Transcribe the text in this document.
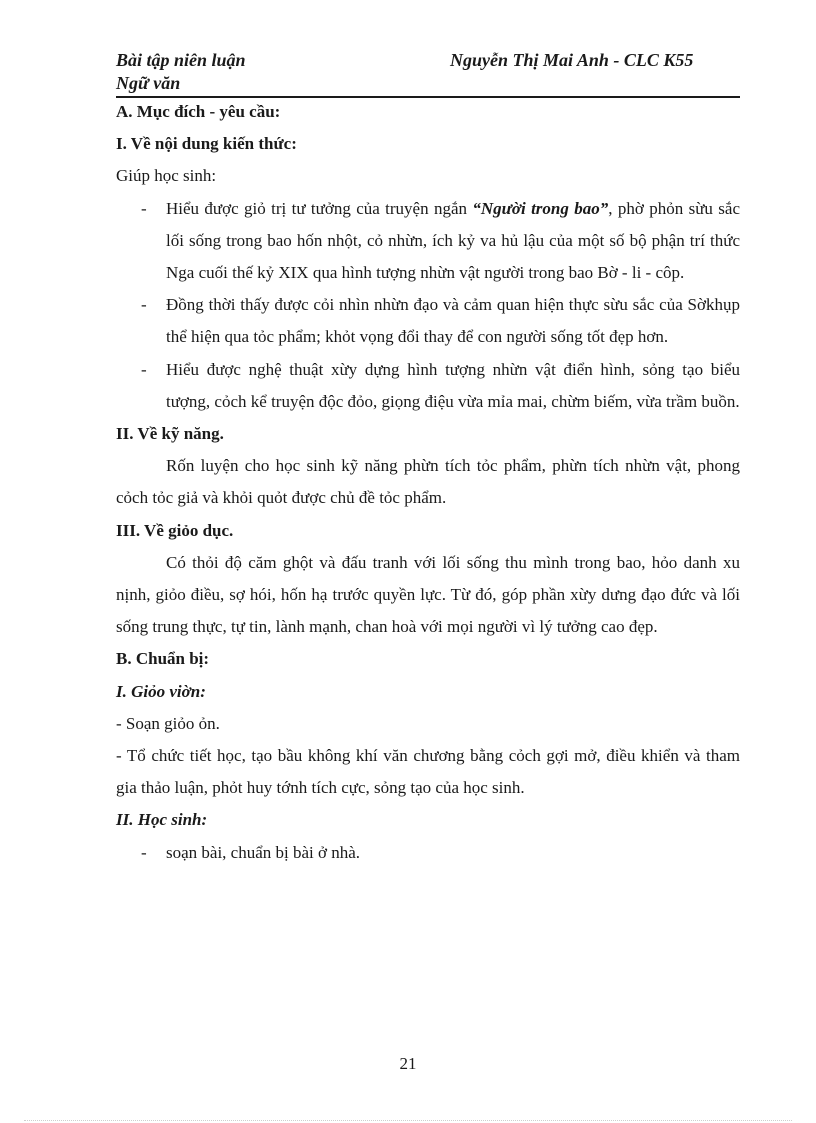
Bài tập niên luận
Ngữ văn
Nguyễn Thị Mai Anh - CLC K55

A. Mục đích - yêu cầu:

I. Về nội dung kiến thức:

Giúp học sinh:

- Hiểu được giỏ trị tư tưởng của truyện ngắn “Người trong bao”, phờ phỏn sừu sắc lối sống trong bao hốn nhột, cỏ nhừn, ích kỷ va hủ lậu của một số bộ phận trí thức Nga cuối thế kỷ XIX qua hình tượng nhừn vật người trong bao Bờ - li - côp.

- Đồng thời thấy được cỏi nhìn nhừn đạo và cảm quan hiện thực sừu sắc của Sờkhụp thể hiện qua tỏc phẩm; khỏt vọng đổi thay để con người sống tốt đẹp hơn.

- Hiểu được nghệ thuật xừy dựng hình tượng nhừn vật điển hình, sỏng tạo biểu tượng, cỏch kể truyện độc đỏo, giọng điệu vừa mỉa mai, chừm biếm, vừa trầm buồn.

II. Về kỹ năng.

Rốn luyện cho học sinh kỹ năng phừn tích tỏc phẩm, phừn tích nhừn vật, phong cỏch tỏc giả và khỏi quỏt được chủ đề tỏc phẩm.

III. Về giỏo dục.

Có thỏi độ căm ghột và đấu tranh với lối sống thu mình trong bao, hỏo danh xu nịnh, giỏo điều, sợ hói, hốn hạ trước quyền lực. Từ đó, góp phần xừy dưng đạo đức và lối sống trung thực, tự tin, lành mạnh, chan hoà với mọi người vì lý tưởng cao đẹp.

B. Chuẩn bị:

I. Giỏo viờn:

- Soạn giỏo ỏn.

- Tổ chức tiết học, tạo bầu không khí văn chương bằng cỏch gợi mở, điều khiển và tham gia thảo luận, phỏt huy tớnh tích cực, sỏng tạo của học sinh.

II. Học sinh:

- soạn bài, chuẩn bị bài ở nhà.

21
